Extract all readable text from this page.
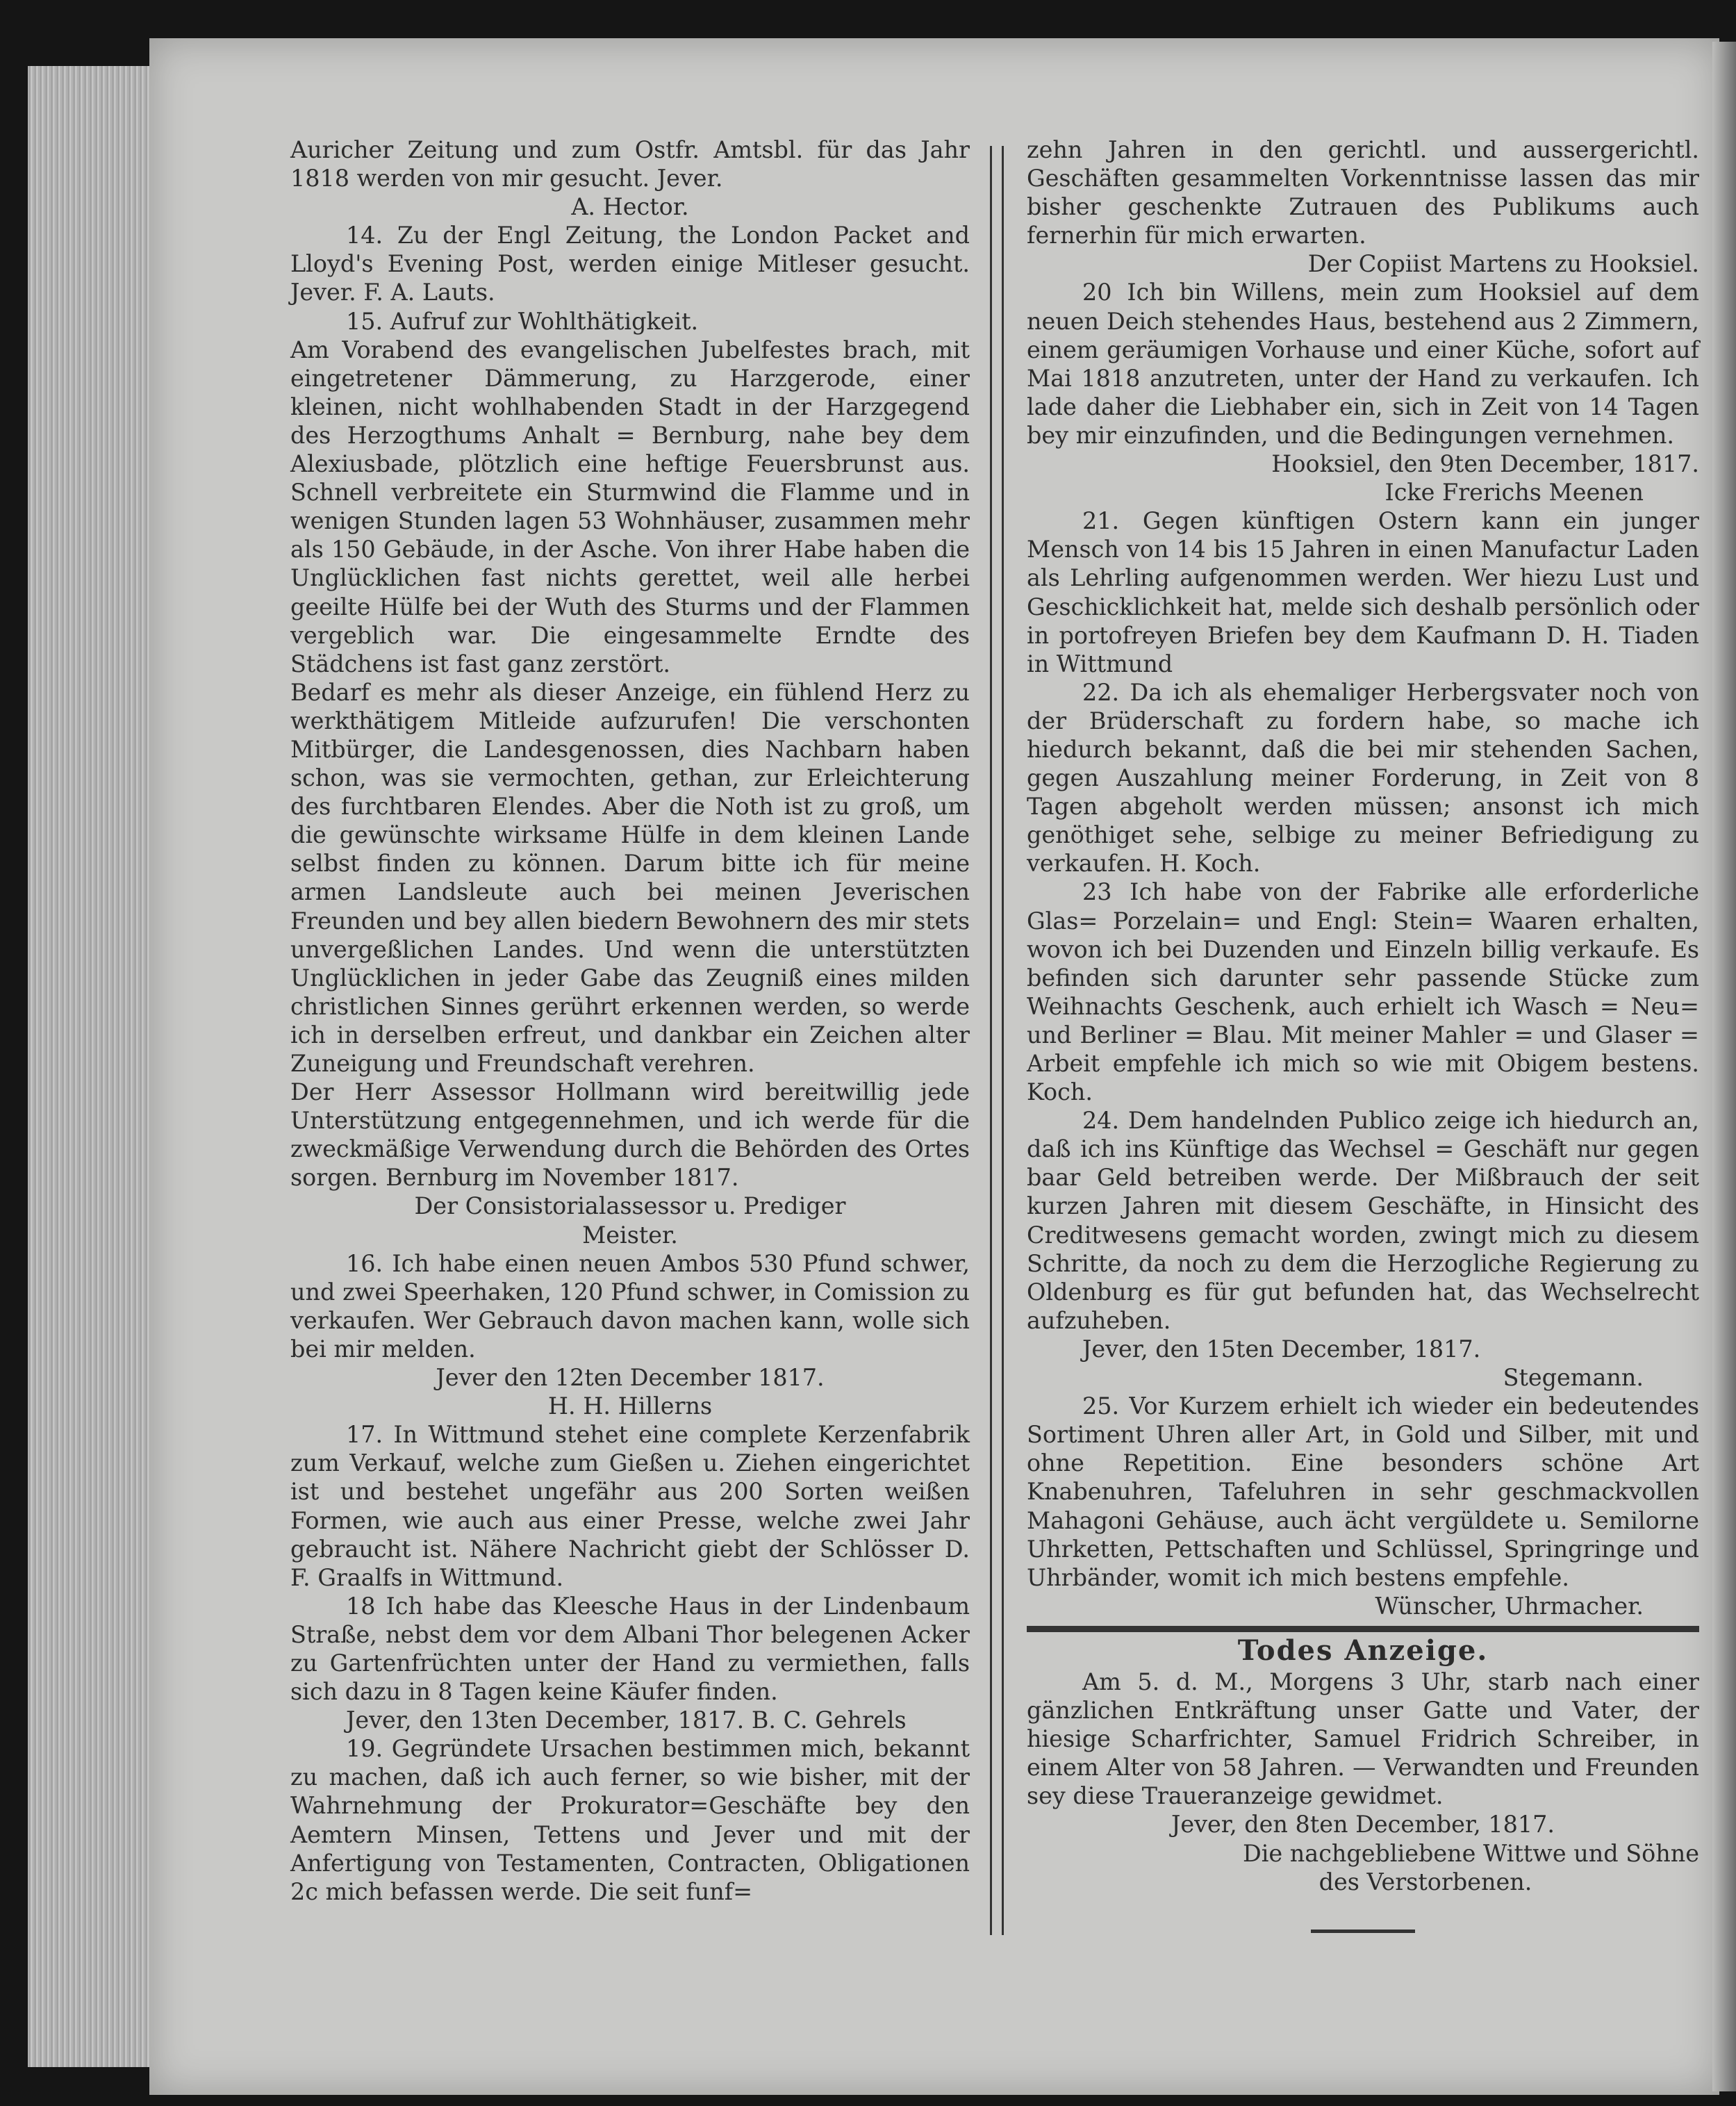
Auricher Zeitung und zum Ostfr. Amtsbl. für das Jahr 1818 werden von mir gesucht. Jever.

A. Hector.

14. Zu der Engl Zeitung, the London Packet and Lloyd's Evening Post, werden einige Mitleser gesucht. Jever. F. A. Lauts.

15. Aufruf zur Wohlthätigkeit.

Am Vorabend des evangelischen Jubelfestes brach, mit eingetretener Dämmerung, zu Harzgerode, einer kleinen, nicht wohlhabenden Stadt in der Harzgegend des Herzogthums Anhalt = Bernburg, nahe bey dem Alexiusbade, plötzlich eine heftige Feuersbrunst aus. Schnell verbreitete ein Sturmwind die Flamme und in wenigen Stunden lagen 53 Wohnhäuser, zusammen mehr als 150 Gebäude, in der Asche. Von ihrer Habe haben die Unglücklichen fast nichts gerettet, weil alle herbei geeilte Hülfe bei der Wuth des Sturms und der Flammen vergeblich war. Die eingesammelte Erndte des Städchens ist fast ganz zerstört.

Bedarf es mehr als dieser Anzeige, ein fühlend Herz zu werkthätigem Mitleide aufzurufen! Die verschonten Mitbürger, die Landesgenossen, dies Nachbarn haben schon, was sie vermochten, gethan, zur Erleichterung des furchtbaren Elendes. Aber die Noth ist zu groß, um die gewünschte wirksame Hülfe in dem kleinen Lande selbst finden zu können. Darum bitte ich für meine armen Landsleute auch bei meinen Jeverischen Freunden und bey allen biedern Bewohnern des mir stets unvergeßlichen Landes. Und wenn die unterstützten Unglücklichen in jeder Gabe das Zeugniß eines milden christlichen Sinnes gerührt erkennen werden, so werde ich in derselben erfreut, und dankbar ein Zeichen alter Zuneigung und Freundschaft verehren.

Der Herr Assessor Hollmann wird bereitwillig jede Unterstützung entgegennehmen, und ich werde für die zweckmäßige Verwendung durch die Behörden des Ortes sorgen. Bernburg im November 1817.

Der Consistorialassessor u. Prediger

Meister.

16. Ich habe einen neuen Ambos 530 Pfund schwer, und zwei Speerhaken, 120 Pfund schwer, in Comission zu verkaufen. Wer Gebrauch davon machen kann, wolle sich bei mir melden.

Jever den 12ten December 1817.

H. H. Hillerns

17. In Wittmund stehet eine complete Kerzenfabrik zum Verkauf, welche zum Gießen u. Ziehen eingerichtet ist und bestehet ungefähr aus 200 Sorten weißen Formen, wie auch aus einer Presse, welche zwei Jahr gebraucht ist. Nähere Nachricht giebt der Schlösser D. F. Graalfs in Wittmund.

18 Ich habe das Kleesche Haus in der Lindenbaum Straße, nebst dem vor dem Albani Thor belegenen Acker zu Gartenfrüchten unter der Hand zu vermiethen, falls sich dazu in 8 Tagen keine Käufer finden.

Jever, den 13ten December, 1817. B. C. Gehrels

19. Gegründete Ursachen bestimmen mich, bekannt zu machen, daß ich auch ferner, so wie bisher, mit der Wahrnehmung der Prokurator=Geschäfte bey den Aemtern Minsen, Tettens und Jever und mit der Anfertigung von Testamenten, Contracten, Obligationen 2c mich befassen werde. Die seit funf=

zehn Jahren in den gerichtl. und aussergerichtl. Geschäften gesammelten Vorkenntnisse lassen das mir bisher geschenkte Zutrauen des Publikums auch fernerhin für mich erwarten.

Der Copiist Martens zu Hooksiel.

20 Ich bin Willens, mein zum Hooksiel auf dem neuen Deich stehendes Haus, bestehend aus 2 Zimmern, einem geräumigen Vorhause und einer Küche, sofort auf Mai 1818 anzutreten, unter der Hand zu verkaufen. Ich lade daher die Liebhaber ein, sich in Zeit von 14 Tagen bey mir einzufinden, und die Bedingungen vernehmen.

Hooksiel, den 9ten December, 1817.

Icke Frerichs Meenen

21. Gegen künftigen Ostern kann ein junger Mensch von 14 bis 15 Jahren in einen Manufactur Laden als Lehrling aufgenommen werden. Wer hiezu Lust und Geschicklichkeit hat, melde sich deshalb persönlich oder in portofreyen Briefen bey dem Kaufmann D. H. Tiaden in Wittmund

22. Da ich als ehemaliger Herbergsvater noch von der Brüderschaft zu fordern habe, so mache ich hiedurch bekannt, daß die bei mir stehenden Sachen, gegen Auszahlung meiner Forderung, in Zeit von 8 Tagen abgeholt werden müssen; ansonst ich mich genöthiget sehe, selbige zu meiner Befriedigung zu verkaufen. H. Koch.

23 Ich habe von der Fabrike alle erforderliche Glas= Porzelain= und Engl: Stein= Waaren erhalten, wovon ich bei Duzenden und Einzeln billig verkaufe. Es befinden sich darunter sehr passende Stücke zum Weihnachts Geschenk, auch erhielt ich Wasch = Neu= und Berliner = Blau. Mit meiner Mahler = und Glaser = Arbeit empfehle ich mich so wie mit Obigem bestens. Koch.

24. Dem handelnden Publico zeige ich hiedurch an, daß ich ins Künftige das Wechsel = Geschäft nur gegen baar Geld betreiben werde. Der Mißbrauch der seit kurzen Jahren mit diesem Geschäfte, in Hinsicht des Creditwesens gemacht worden, zwingt mich zu diesem Schritte, da noch zu dem die Herzogliche Regierung zu Oldenburg es für gut befunden hat, das Wechselrecht aufzuheben.

Jever, den 15ten December, 1817.

Stegemann.

25. Vor Kurzem erhielt ich wieder ein bedeutendes Sortiment Uhren aller Art, in Gold und Silber, mit und ohne Repetition. Eine besonders schöne Art Knabenuhren, Tafeluhren in sehr geschmackvollen Mahagoni Gehäuse, auch ächt vergüldete u. Semilorne Uhrketten, Pettschaften und Schlüssel, Springringe und Uhrbänder, womit ich mich bestens empfehle.

Wünscher, Uhrmacher.

Todes Anzeige.

Am 5. d. M., Morgens 3 Uhr, starb nach einer gänzlichen Entkräftung unser Gatte und Vater, der hiesige Scharfrichter, Samuel Fridrich Schreiber, in einem Alter von 58 Jahren. — Verwandten und Freunden sey diese Traueranzeige gewidmet.

Jever, den 8ten December, 1817.

Die nachgebliebene Wittwe und Söhne

des Verstorbenen.
